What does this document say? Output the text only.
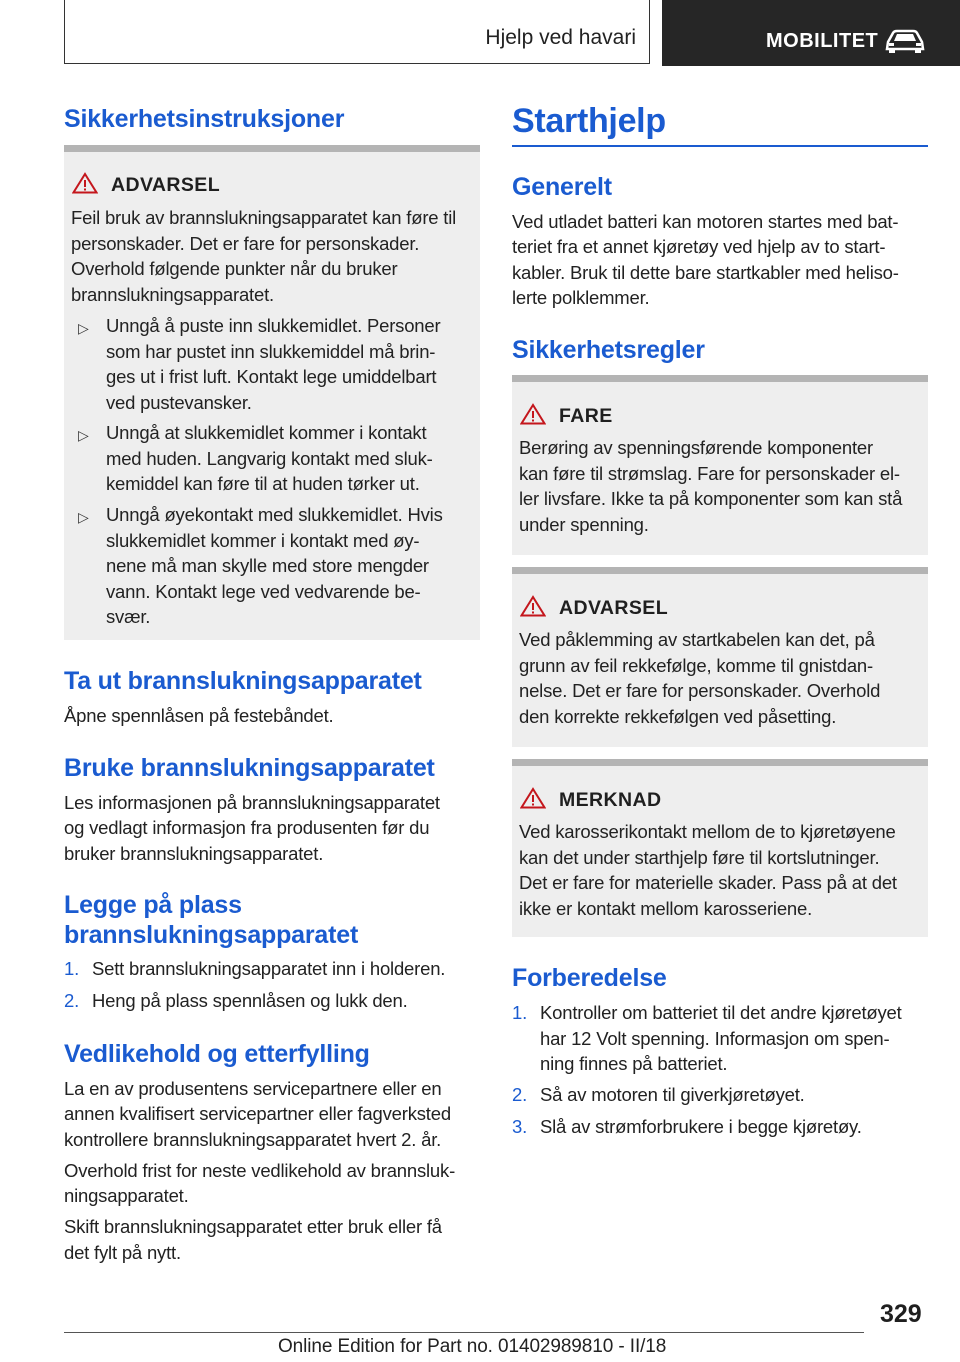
Hjelp ved havari	MOBILITET
Sikkerhetsinstruksjoner
ADVARSEL
Feil bruk av brannslukningsapparatet kan føre til
personskader. Det er fare for personskader.
Overhold følgende punkter når du bruker
brannslukningsapparatet.
▷ Unngå å puste inn slukkemidlet. Personer
som har pustet inn slukkemiddel må brin-
ges ut i frist luft. Kontakt lege umiddelbart
ved pustevansker.
▷ Unngå at slukkemidlet kommer i kontakt
med huden. Langvarig kontakt med sluk-
kemiddel kan føre til at huden tørker ut.
▷ Unngå øyekontakt med slukkemidlet. Hvis
slukkemidlet kommer i kontakt med øy-
nene må man skylle med store mengder
vann. Kontakt lege ved vedvarende be-
svær.
Ta ut brannslukningsapparatet
Åpne spennlåsen på festebåndet.
Bruke brannslukningsapparatet
Les informasjonen på brannslukningsapparatet
og vedlagt informasjon fra produsenten før du
bruker brannslukningsapparatet.
Legge på plass
brannslukningsapparatet
1. Sett brannslukningsapparatet inn i holderen.
2. Heng på plass spennlåsen og lukk den.
Vedlikehold og etterfylling
La en av produsentens servicepartnere eller en
annen kvalifisert servicepartner eller fagverksted
kontrollere brannslukningsapparatet hvert 2. år.
Overhold frist for neste vedlikehold av brannsluk-
ningsapparatet.
Skift brannslukningsapparatet etter bruk eller få
det fylt på nytt.
Starthjelp
Generelt
Ved utladet batteri kan motoren startes med bat-
teriet fra et annet kjøretøy ved hjelp av to start-
kabler. Bruk til dette bare startkabler med heliso-
lerte polklemmer.
Sikkerhetsregler
FARE
Berøring av spenningsførende komponenter
kan føre til strømslag. Fare for personskader el-
ler livsfare. Ikke ta på komponenter som kan stå
under spenning.
ADVARSEL
Ved påklemming av startkabelen kan det, på
grunn av feil rekkefølge, komme til gnistdan-
nelse. Det er fare for personskader. Overhold
den korrekte rekkefølgen ved påsetting.
MERKNAD
Ved karosserikontakt mellom de to kjøretøyene
kan det under starthjelp føre til kortslutninger.
Det er fare for materielle skader. Pass på at det
ikke er kontakt mellom karosseriene.
Forberedelse
1. Kontroller om batteriet til det andre kjøretøyet
har 12 Volt spenning. Informasjon om spen-
ning finnes på batteriet.
2. Så av motoren til giverkjøretøyet.
3. Slå av strømforbrukere i begge kjøretøy.
329
Online Edition for Part no. 01402989810 - II/18
